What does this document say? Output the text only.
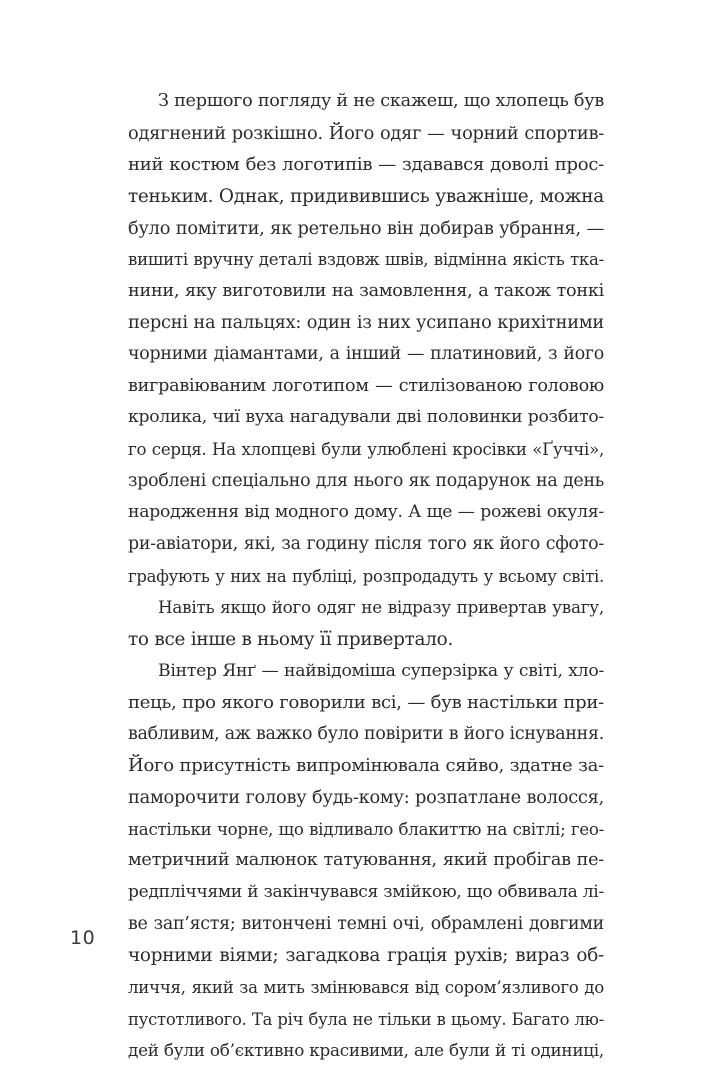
З першого погляду й не скажеш, що хлопець був
одягнений розкішно. Його одяг — чорний спортив-
ний костюм без логотипів — здавався доволі прос-
теньким. Однак, придивившись уважніше, можна
було помітити, як ретельно він добирав убрання, —
вишиті вручну деталі вздовж швів, відмінна якість тка-
нини, яку виготовили на замовлення, а також тонкі
персні на пальцях: один із них усипано крихітними
чорними діамантами, а інший — платиновий, з його
вигравіюваним логотипом — стилізованою головою
кролика, чиї вуха нагадували дві половинки розбито-
го серця. На хлопцеві були улюблені кросівки «Ґуччі»,
зроблені спеціально для нього як подарунок на день
народження від модного дому. А ще — рожеві окуля-
ри-авіатори, які, за годину після того як його сфото-
графують у них на публіці, розпродадуть у всьому світі.
Навіть якщо його одяг не відразу привертав увагу,
то все інше в ньому її привертало.
Вінтер Янґ — найвідоміша суперзірка у світі, хло-
пець, про якого говорили всі, — був настільки при-
вабливим, аж важко було повірити в його існування.
Його присутність випромінювала сяйво, здатне за-
паморочити голову будь-кому: розпатлане волосся,
настільки чорне, що відливало блакиттю на світлі; гео-
метричний малюнок татуювання, який пробігав пе-
редпліччями й закінчувався змійкою, що обвивала лі-
ве зап’ястя; витончені темні очі, обрамлені довгими
чорними віями; загадкова грація рухів; вираз об-
личчя, який за мить змінювався від сором’язливого до
пустотливого. Та річ була не тільки в цьому. Багато лю-
дей були об’єктивно красивими, але були й ті одиниці,
10
